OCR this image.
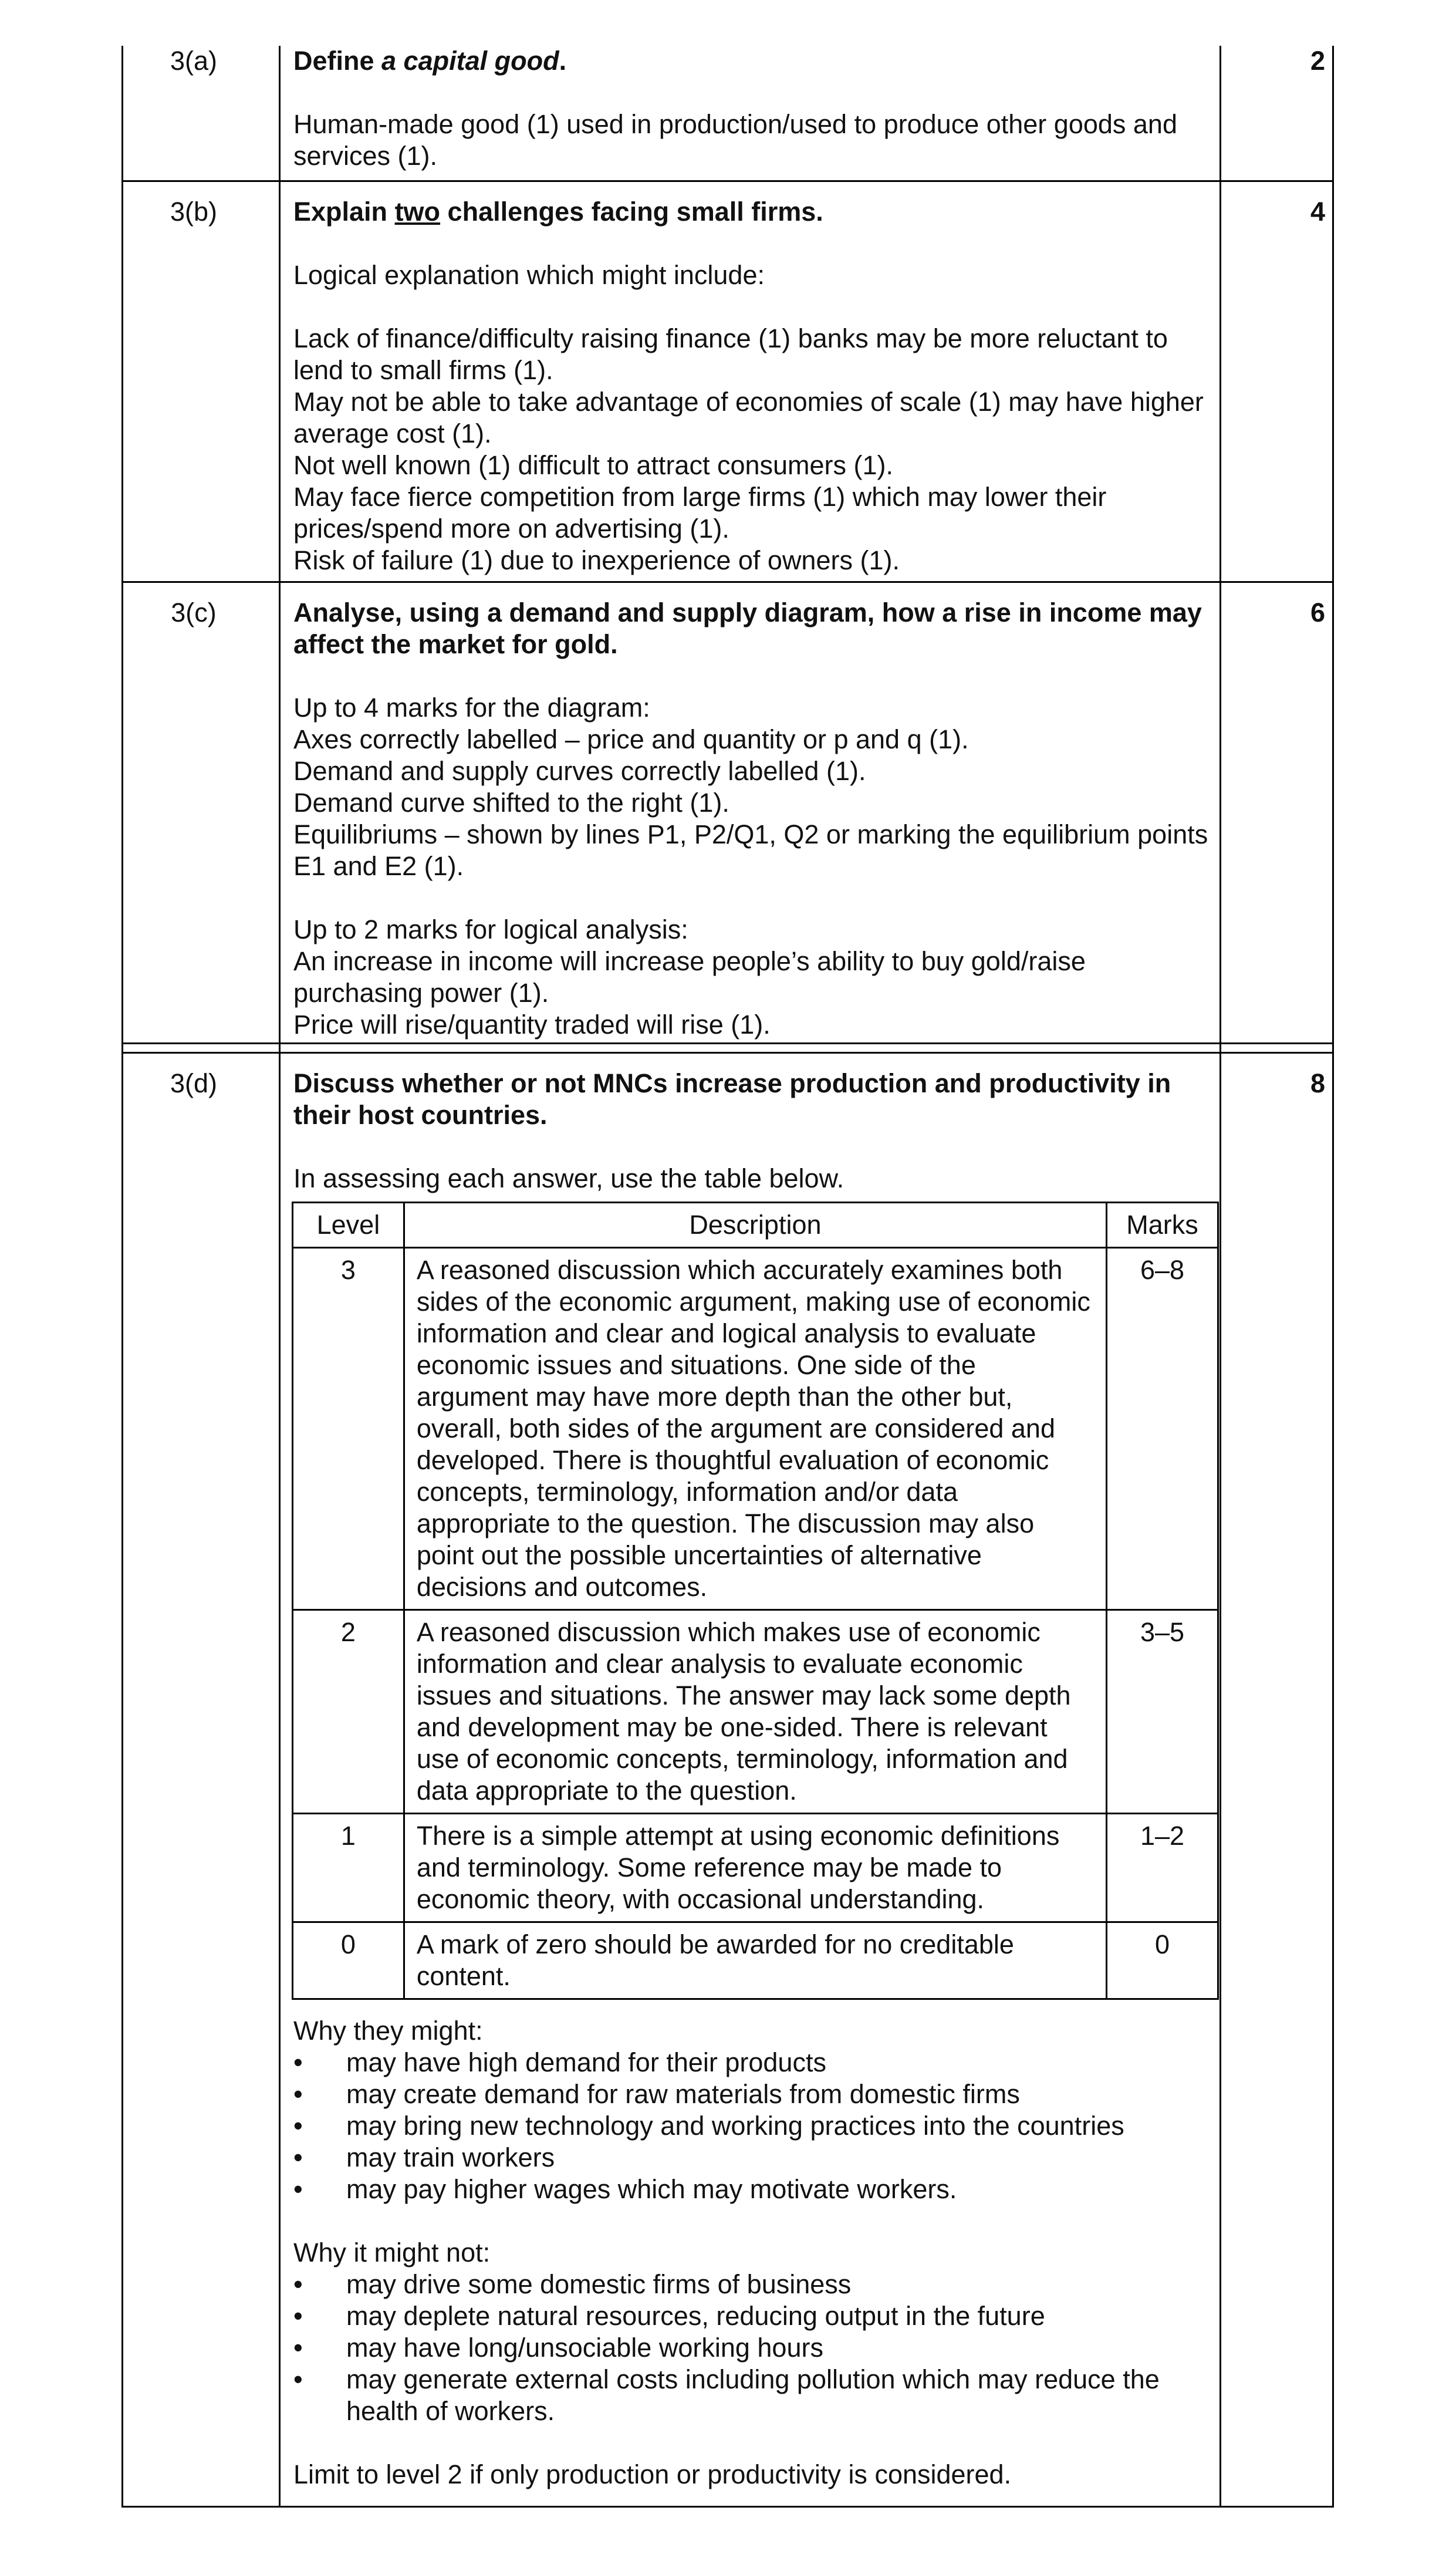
3(a)	2

Define a capital good.

Human-made good (1) used in production/used to produce other goods and services (1).

3(b)	4

Explain two challenges facing small firms.

Logical explanation which might include:

Lack of finance/difficulty raising finance (1) banks may be more reluctant to lend to small firms (1).

May not be able to take advantage of economies of scale (1) may have higher average cost (1).

Not well known (1) difficult to attract consumers (1).

May face fierce competition from large firms (1) which may lower their prices/spend more on advertising (1).

Risk of failure (1) due to inexperience of owners (1).

3(c)	6

Analyse, using a demand and supply diagram, how a rise in income may affect the market for gold.

Up to 4 marks for the diagram:

Axes correctly labelled – price and quantity or p and q (1).

Demand and supply curves correctly labelled (1).

Demand curve shifted to the right (1).

Equilibriums – shown by lines P1, P2/Q1, Q2 or marking the equilibrium points E1 and E2 (1).

Up to 2 marks for logical analysis:

An increase in income will increase people’s ability to buy gold/raise purchasing power (1).

Price will rise/quantity traded will rise (1).

3(d)	8

Discuss whether or not MNCs increase production and productivity in their host countries.

In assessing each answer, use the table below.

Level	Description	Marks
3	A reasoned discussion which accurately examines both sides of the economic argument, making use of economic information and clear and logical analysis to evaluate economic issues and situations. One side of the argument may have more depth than the other but, overall, both sides of the argument are considered and developed. There is thoughtful evaluation of economic concepts, terminology, information and/or data appropriate to the question. The discussion may also point out the possible uncertainties of alternative decisions and outcomes.	6–8
2	A reasoned discussion which makes use of economic information and clear analysis to evaluate economic issues and situations. The answer may lack some depth and development may be one-sided. There is relevant use of economic concepts, terminology, information and data appropriate to the question.	3–5
1	There is a simple attempt at using economic definitions and terminology. Some reference may be made to economic theory, with occasional understanding.	1–2
0	A mark of zero should be awarded for no creditable content.	0

Why they might:

• may have high demand for their products
• may create demand for raw materials from domestic firms
• may bring new technology and working practices into the countries
• may train workers
• may pay higher wages which may motivate workers.

Why it might not:

• may drive some domestic firms of business
• may deplete natural resources, reducing output in the future
• may have long/unsociable working hours
• may generate external costs including pollution which may reduce the health of workers.

Limit to level 2 if only production or productivity is considered.
